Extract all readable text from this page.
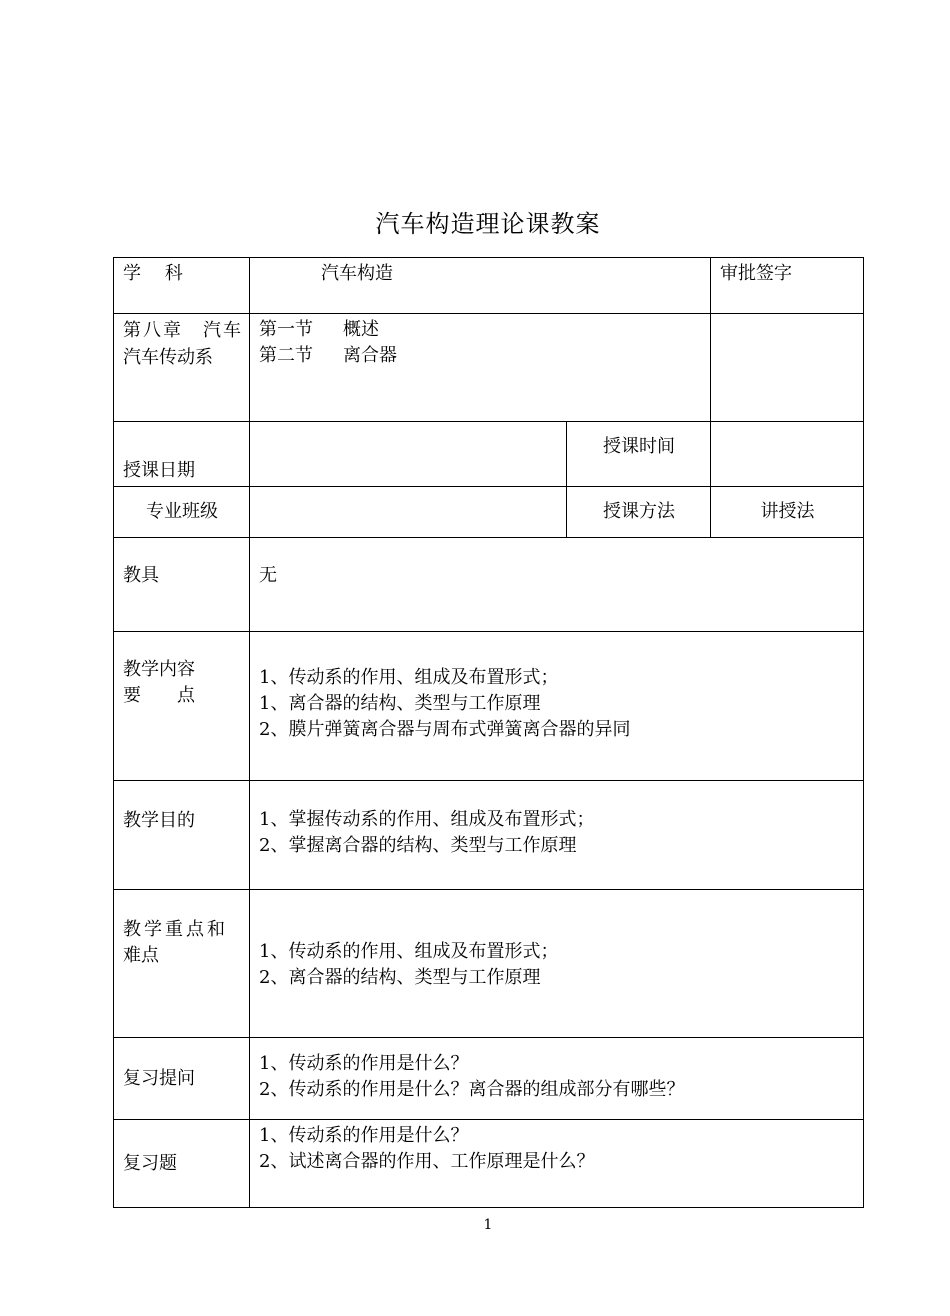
汽车构造理论课教案
学　 科	汽车构造		审批签字

第八章　汽车汽车传动系	第一节 概述
第二节 离合器		

授课日期		授课时间	
专业班级		授课方法	讲授法

教具	无		

教学内容
要　　点	1、传动系的作用、组成及布置形式；
1、离合器的结构、类型与工作原理
2、膜片弹簧离合器与周布式弹簧离合器的异同		

教学目的	1、掌握传动系的作用、组成及布置形式；
2、掌握离合器的结构、类型与工作原理		

教学重点和
难点	1、传动系的作用、组成及布置形式；
2、离合器的结构、类型与工作原理		

复习提问	1、传动系的作用是什么？
2、传动系的作用是什么？离合器的组成部分有哪些？		

复习题	1、传动系的作用是什么？
2、试述离合器的作用、工作原理是什么？		
1
